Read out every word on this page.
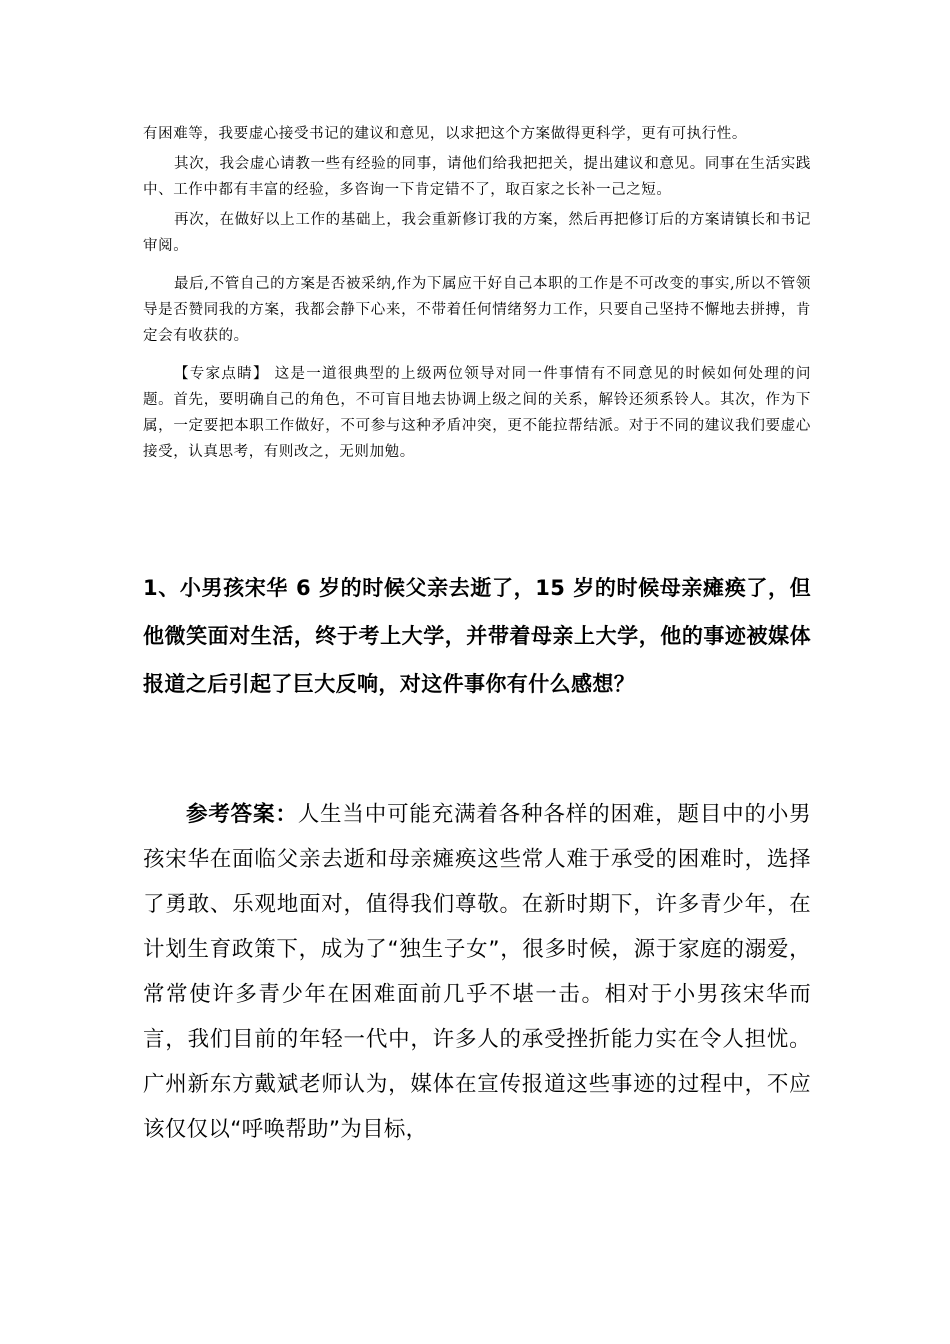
有困难等，我要虚心接受书记的建议和意见，以求把这个方案做得更科学，更有可执行性。

其次，我会虚心请教一些有经验的同事，请他们给我把把关，提出建议和意见。同事在生活实践中、工作中都有丰富的经验，多咨询一下肯定错不了，取百家之长补一己之短。

再次，在做好以上工作的基础上，我会重新修订我的方案，然后再把修订后的方案请镇长和书记审阅。

最后,不管自己的方案是否被采纳,作为下属应干好自己本职的工作是不可改变的事实,所以不管领导是否赞同我的方案，我都会静下心来，不带着任何情绪努力工作，只要自己坚持不懈地去拼搏，肯定会有收获的。

【专家点睛】 这是一道很典型的上级两位领导对同一件事情有不同意见的时候如何处理的问题。首先，要明确自己的角色，不可盲目地去协调上级之间的关系，解铃还须系铃人。其次，作为下属，一定要把本职工作做好，不可参与这种矛盾冲突，更不能拉帮结派。对于不同的建议我们要虚心接受，认真思考，有则改之，无则加勉。

1、小男孩宋华 6 岁的时候父亲去逝了，15 岁的时候母亲瘫痪了，但他微笑面对生活，终于考上大学，并带着母亲上大学，他的事迹被媒体报道之后引起了巨大反响，对这件事你有什么感想？

参考答案：人生当中可能充满着各种各样的困难，题目中的小男孩宋华在面临父亲去逝和母亲瘫痪这些常人难于承受的困难时，选择了勇敢、乐观地面对，值得我们尊敬。在新时期下，许多青少年，在计划生育政策下，成为了“独生子女”，很多时候，源于家庭的溺爱，常常使许多青少年在困难面前几乎不堪一击。相对于小男孩宋华而言，我们目前的年轻一代中，许多人的承受挫折能力实在令人担忧。广州新东方戴斌老师认为，媒体在宣传报道这些事迹的过程中，不应该仅仅以“呼唤帮助”为目标，
